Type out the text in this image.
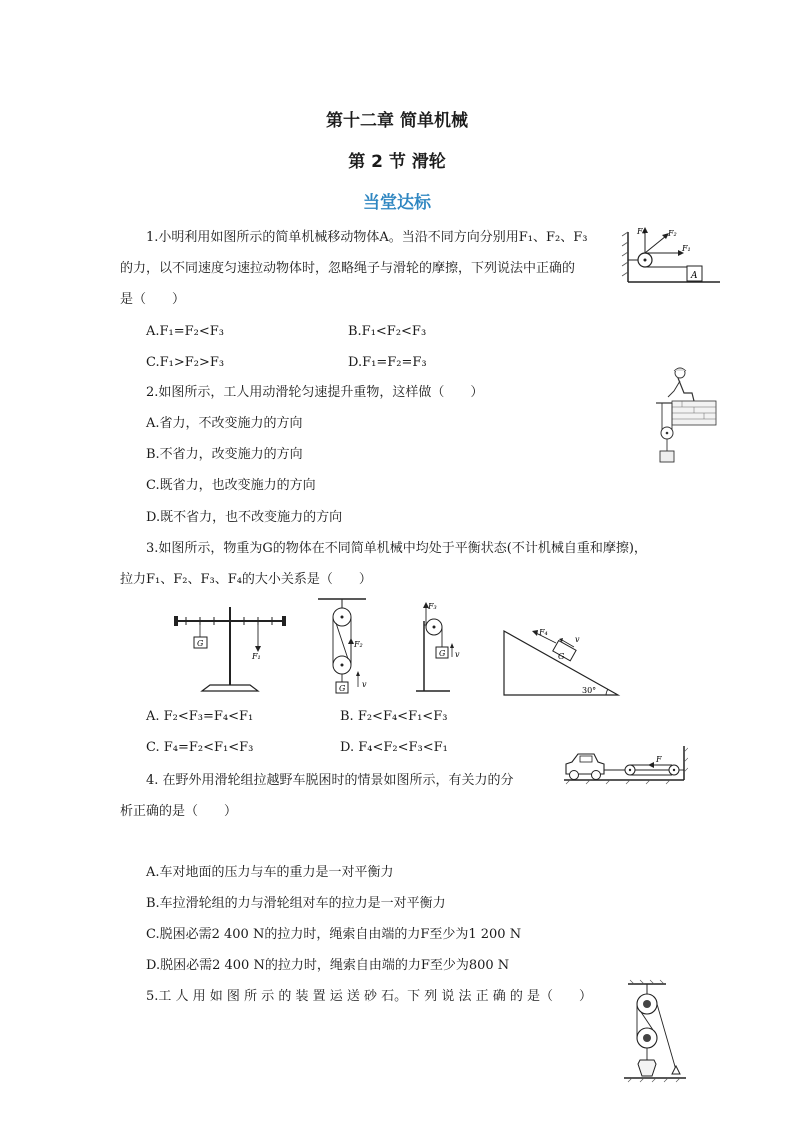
第十二章 简单机械
第 2 节 滑轮
当堂达标
1.小明利用如图所示的简单机械移动物体A。当沿不同方向分别用F₁、F₂、F₃
的力，以不同速度匀速拉动物体时，忽略绳子与滑轮的摩擦，下列说法中正确的
是（　　）
A.F₁=F₂<F₃	B.F₁<F₂<F₃
C.F₁>F₂>F₃	D.F₁=F₂=F₃
A
F₁
F₂
F₃
2.如图所示，工人用动滑轮匀速提升重物，这样做（　　）
A.省力，不改变施力的方向
B.不省力，改变施力的方向
C.既省力，也改变施力的方向
D.既不省力，也不改变施力的方向
3.如图所示，物重为G的物体在不同简单机械中均处于平衡状态(不计机械自重和摩擦)，
拉力F₁、F₂、F₃、F₄的大小关系是（　　）
G
F₁
F₂
G v
F₃
G v	G
F₄
v
30°
A. F₂<F₃=F₄<F₁	B. F₂<F₄<F₁<F₃
C. F₄=F₂<F₁<F₃	D. F₄<F₂<F₃<F₁
4. 在野外用滑轮组拉越野车脱困时的情景如图所示，有关力的分
析正确的是（　　）
F
A.车对地面的压力与车的重力是一对平衡力
B.车拉滑轮组的力与滑轮组对车的拉力是一对平衡力
C.脱困必需2 400 N的拉力时，绳索自由端的力F至少为1 200 N
D.脱困必需2 400 N的拉力时，绳索自由端的力F至少为800 N
5.工 人 用 如 图 所 示 的 装 置 运 送 砂 石。下 列 说 法 正 确 的 是（　　）
